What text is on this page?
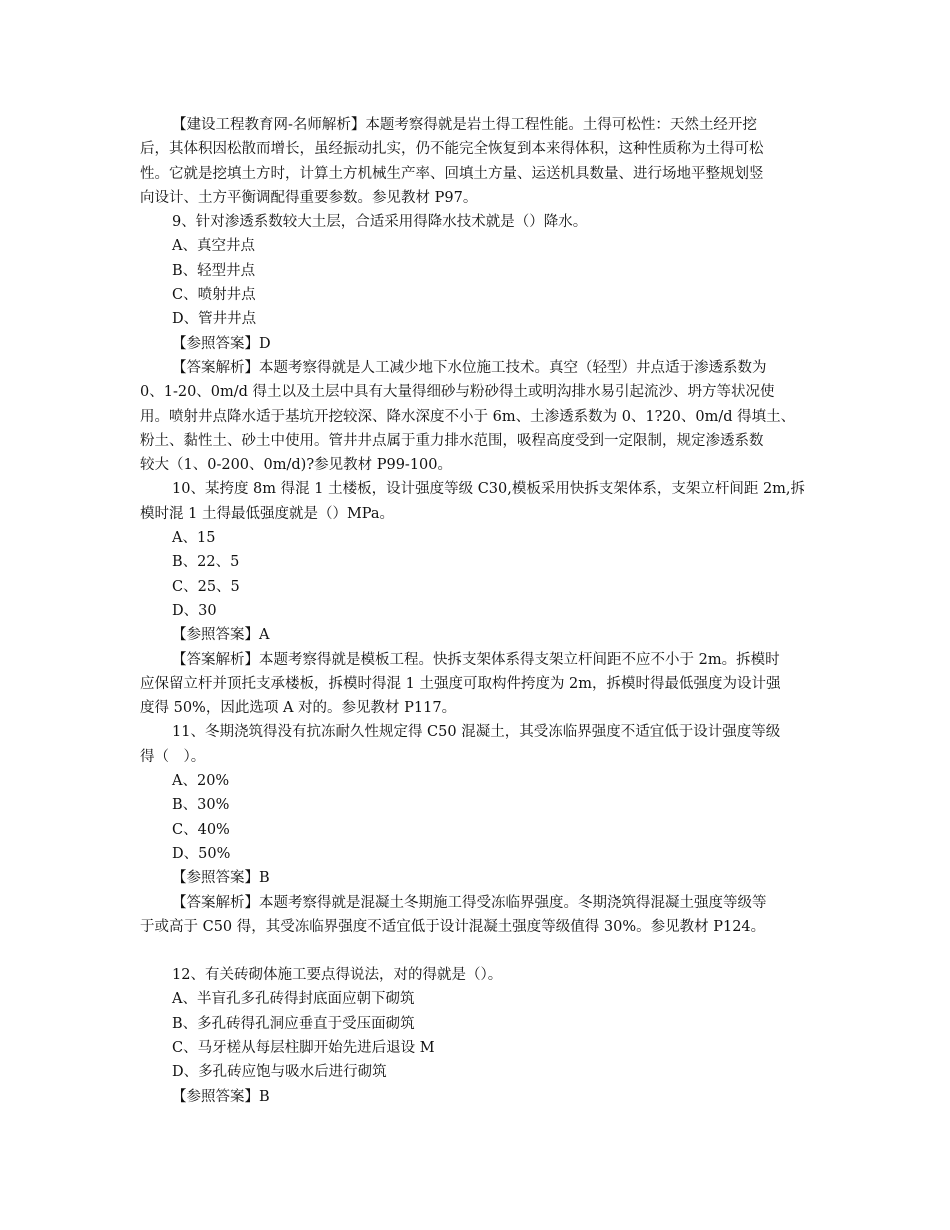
【建设工程教育网-名师解析】本题考察得就是岩土得工程性能。土得可松性：天然土经开挖
后，其体积因松散而增长，虽经振动扎实，仍不能完全恢复到本来得体积，这种性质称为土得可松
性。它就是挖填土方时，计算土方机械生产率、回填土方量、运送机具数量、进行场地平整规划竖
向设计、土方平衡调配得重要参数。参见教材 P97。
9、针对渗透系数较大土层，合适采用得降水技术就是（）降水。
A、真空井点
B、轻型井点
C、喷射井点
D、管井井点
【参照答案】D
【答案解析】本题考察得就是人工减少地下水位施工技术。真空（轻型）井点适于渗透系数为
0、1-20、0m/d 得土以及土层中具有大量得细砂与粉砂得土或明沟排水易引起流沙、坍方等状况使
用。喷射井点降水适于基坑开挖较深、降水深度不小于 6m、土渗透系数为 0、1?20、0m/d 得填土、
粉土、黏性土、砂土中使用。管井井点属于重力排水范围，吸程高度受到一定限制，规定渗透系数
较大（1、0-200、0m/d)?参见教材 P99-100。
10、某挎度 8m 得混 1 土楼板，设计强度等级 C30,模板采用快拆支架体系，支架立杆间距 2m,拆
模时混 1 土得最低强度就是（）MPa。
A、15
B、22、5
C、25、5
D、30
【参照答案】A
【答案解析】本题考察得就是模板工程。快拆支架体系得支架立杆间距不应不小于 2m。拆模时
应保留立杆并顶托支承楼板，拆模时得混 1 土强度可取构件挎度为 2m，拆模时得最低强度为设计强
度得 50%，因此选项 A 对的。参见教材 P117。
11、冬期浇筑得没有抗冻耐久性规定得 C50 混凝土，其受冻临界强度不适宜低于设计强度等级
得（　）。
A、20%
B、30%
C、40%
D、50%
【参照答案】B
【答案解析】本题考察得就是混凝土冬期施工得受冻临界强度。冬期浇筑得混凝土强度等级等
于或高于 C50 得，其受冻临界强度不适宜低于设计混凝土强度等级值得 30%。参见教材 P124。
12、有关砖砌体施工要点得说法，对的得就是（）。
A、半盲孔多孔砖得封底面应朝下砌筑
B、多孔砖得孔洞应垂直于受压面砌筑
C、马牙槎从每层柱脚开始先进后退设 M
D、多孔砖应饱与吸水后进行砌筑
【参照答案】B
